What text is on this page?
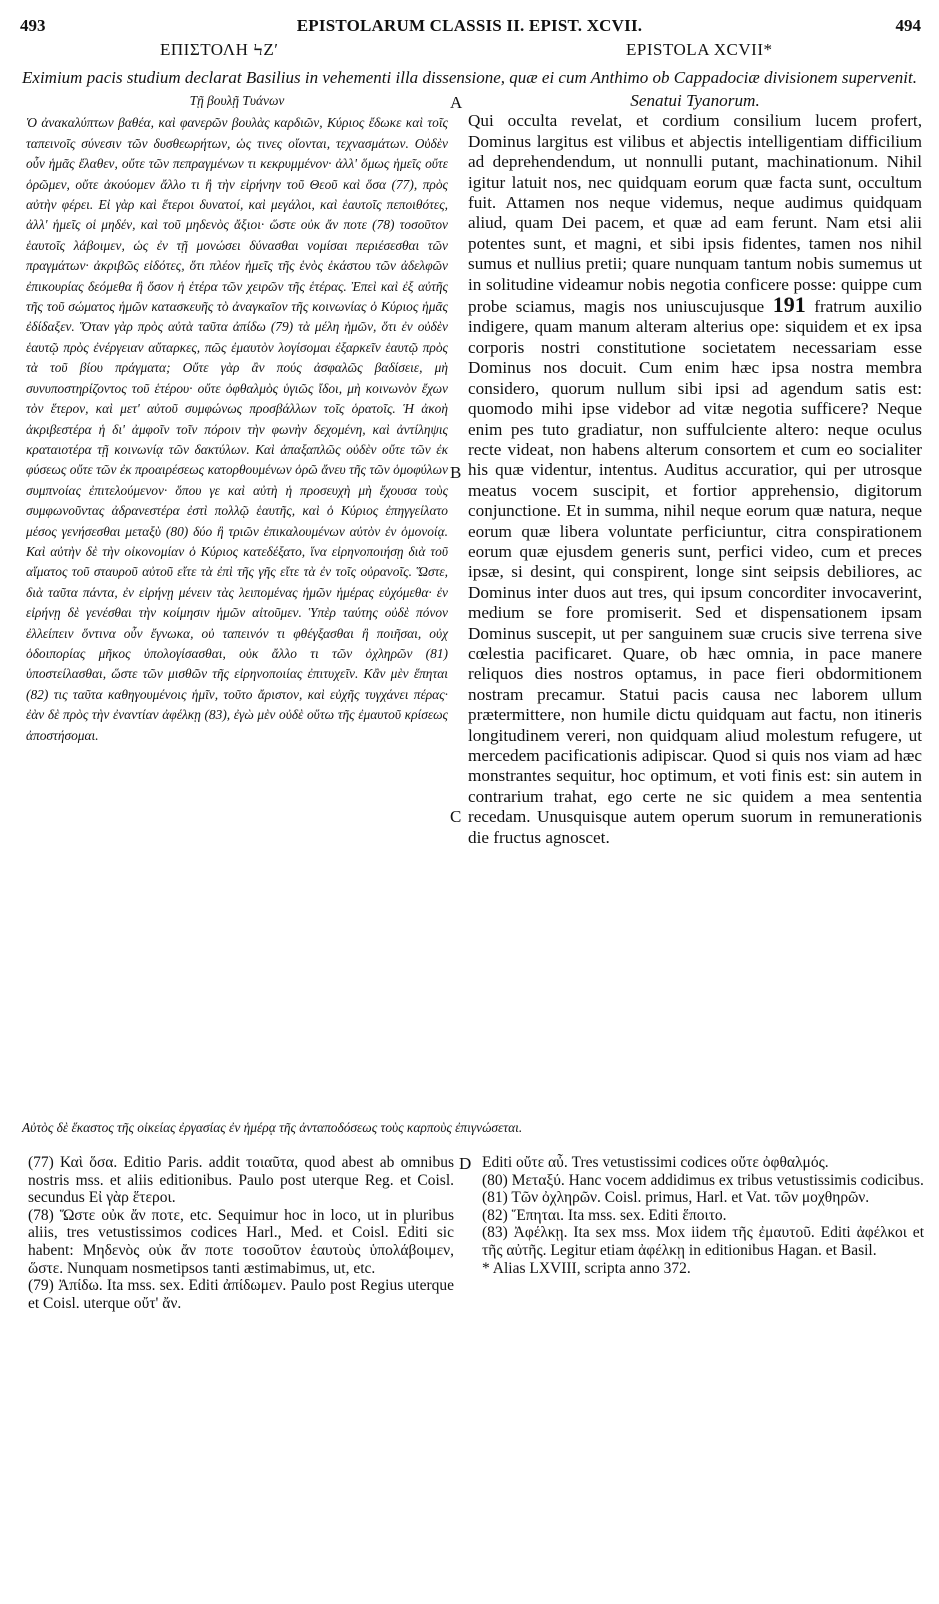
493	EPISTOLARUM CLASSIS II. EPIST. XCVII.	494
ΕΠΙΣΤΟΛΗ ϞΖʹ	EPISTOLA XCVII*
Eximium pacis studium declarat Basilius in vehementi illa dissensione, quæ ei cum Anthimo ob Cappadociæ divisionem supervenit.
Τῇ βουλῇ Τυάνων
Ὁ ἀνακαλύπτων βαθέα, καὶ φανερῶν βουλὰς καρδιῶν, Κύριος ἔδωκε καὶ τοῖς ταπεινοῖς σύνεσιν τῶν δυσθεωρήτων, ὡς τινες οἴονται, τεχνασμάτων. Οὐδὲν οὖν ἡμᾶς ἔλαθεν, οὔτε τῶν πεπραγμένων τι κεκρυμμένον· ἀλλ' ὅμως ἡμεῖς οὔτε ὁρῶμεν, οὔτε ἀκούομεν ἄλλο τι ἢ τὴν εἰρήνην τοῦ Θεοῦ καὶ ὅσα (77), πρὸς αὐτὴν φέρει. Εἰ γὰρ καὶ ἕτεροι δυνατοί, καὶ μεγάλοι, καὶ ἑαυτοῖς πεποιθότες, ἀλλ' ἡμεῖς οἱ μηδέν, καὶ τοῦ μηδενὸς ἄξιοι· ὥστε οὐκ ἄν ποτε (78) τοσοῦτον ἑαυτοῖς λάβοιμεν, ὡς ἐν τῇ μονώσει δύνασθαι νομίσαι περιέσεσθαι τῶν πραγμάτων· ἀκριβῶς εἰδότες, ὅτι πλέον ἡμεῖς τῆς ἑνὸς ἑκάστου τῶν ἀδελφῶν ἐπικουρίας δεόμεθα ἢ ὅσον ἡ ἑτέρα τῶν χειρῶν τῆς ἑτέρας. Ἐπεὶ καὶ ἐξ αὐτῆς τῆς τοῦ σώματος ἡμῶν κατασκευῆς τὸ ἀναγκαῖον τῆς κοινωνίας ὁ Κύριος ἡμᾶς ἐδίδαξεν. Ὅταν γὰρ πρὸς αὐτὰ ταῦτα ἀπίδω (79) τὰ μέλη ἡμῶν, ὅτι ἐν οὐδὲν ἑαυτῷ πρὸς ἐνέργειαν αὔταρκες, πῶς ἐμαυτὸν λογίσομαι ἐξαρκεῖν ἑαυτῷ πρὸς τὰ τοῦ βίου πράγματα; Οὔτε γὰρ ἂν πούς ἀσφαλῶς βαδίσειε, μὴ συνυποστηρίζοντος τοῦ ἑτέρου· οὔτε ὀφθαλμὸς ὑγιῶς ἴδοι, μὴ κοινωνὸν ἔχων τὸν ἕτερον, καὶ μετ' αὐτοῦ συμφώνως προσβάλλων τοῖς ὁρατοῖς. Ἡ ἀκοὴ ἀκριβεστέρα ἡ δι' ἀμφοῖν τοῖν πόροιν τὴν φωνὴν δεχομένη, καὶ ἀντίληψις κραταιοτέρα τῇ κοινωνίᾳ τῶν δακτύλων. Καὶ ἁπαξαπλῶς οὐδὲν οὔτε τῶν ἐκ φύσεως οὔτε τῶν ἐκ προαιρέσεως κατορθουμένων ὁρῶ ἄνευ τῆς τῶν ὁμοφύλων συμπνοίας ἐπιτελούμενον· ὅπου γε καὶ αὐτὴ ἡ προσευχὴ μὴ ἔχουσα τοὺς συμφωνοῦντας ἀδρανεστέρα ἐστὶ πολλῷ ἑαυτῆς, καὶ ὁ Κύριος ἐπηγγείλατο μέσος γενήσεσθαι μεταξὺ (80) δύο ἢ τριῶν ἐπικαλουμένων αὐτὸν ἐν ὁμονοίᾳ. Καὶ αὐτὴν δὲ τὴν οἰκονομίαν ὁ Κύριος κατεδέξατο, ἵνα εἰρηνοποιήσῃ διὰ τοῦ αἵματος τοῦ σταυροῦ αὐτοῦ εἴτε τὰ ἐπὶ τῆς γῆς εἴτε τὰ ἐν τοῖς οὐρανοῖς. Ὥστε, διὰ ταῦτα πάντα, ἐν εἰρήνῃ μένειν τὰς λειπομένας ἡμῶν ἡμέρας εὐχόμεθα· ἐν εἰρήνῃ δὲ γενέσθαι τὴν κοίμησιν ἡμῶν αἰτοῦμεν. Ὑπὲρ ταύτης οὐδὲ πόνον ἐλλείπειν ὅντινα οὖν ἔγνωκα, οὐ ταπεινόν τι φθέγξασθαι ἢ ποιῆσαι, οὐχ ὁδοιπορίας μῆκος ὑπολογίσασθαι, οὐκ ἄλλο τι τῶν ὀχληρῶν (81) ὑποστείλασθαι, ὥστε τῶν μισθῶν τῆς εἰρηνοποιίας ἐπιτυχεῖν. Κἂν μὲν ἕπηται (82) τις ταῦτα καθηγουμένοις ἡμῖν, τοῦτο ἄριστον, καὶ εὐχῆς τυγχάνει πέρας· ἐὰν δὲ πρὸς τὴν ἐναντίαν ἀφέλκῃ (83), ἐγὼ μὲν οὐδὲ οὕτω τῆς ἐμαυτοῦ κρίσεως ἀποστήσομαι.
A
B
C
Senatui Tyanorum.
Qui occulta revelat, et cordium consilium lucem profert, Dominus largitus est vilibus et abjectis intelligentiam difficilium ad deprehendendum, ut nonnulli putant, machinationum. Nihil igitur latuit nos, nec quidquam eorum quæ facta sunt, occultum fuit. Attamen nos neque videmus, neque audimus quidquam aliud, quam Dei pacem, et quæ ad eam ferunt. Nam etsi alii potentes sunt, et magni, et sibi ipsis fidentes, tamen nos nihil sumus et nullius pretii; quare nunquam tantum nobis sumemus ut in solitudine videamur nobis negotia conficere posse: quippe cum probe sciamus, magis nos uniuscujusque 191 fratrum auxilio indigere, quam manum alteram alterius ope: siquidem et ex ipsa corporis nostri constitutione societatem necessariam esse Dominus nos docuit. Cum enim hæc ipsa nostra membra considero, quorum nullum sibi ipsi ad agendum satis est: quomodo mihi ipse videbor ad vitæ negotia sufficere? Neque enim pes tuto gradiatur, non suffulciente altero: neque oculus recte videat, non habens alterum consortem et cum eo socialiter his quæ videntur, intentus. Auditus accuratior, qui per utrosque meatus vocem suscipit, et fortior apprehensio, digitorum conjunctione. Et in summa, nihil neque eorum quæ natura, neque eorum quæ libera voluntate perficiuntur, citra conspirationem eorum quæ ejusdem generis sunt, perfici video, cum et preces ipsæ, si desint, qui conspirent, longe sint seipsis debiliores, ac Dominus inter duos aut tres, qui ipsum concorditer invocaverint, medium se fore promiserit. Sed et dispensationem ipsam Dominus suscepit, ut per sanguinem suæ crucis sive terrena sive cœlestia pacificaret. Quare, ob hæc omnia, in pace manere reliquos dies nostros optamus, in pace fieri obdormitionem nostram precamur. Statui pacis causa nec laborem ullum prætermittere, non humile dictu quidquam aut factu, non itineris longitudinem vereri, non quidquam aliud molestum refugere, ut mercedem pacificationis adipiscar. Quod si quis nos viam ad hæc monstrantes sequitur, hoc optimum, et voti finis est: sin autem in contrarium trahat, ego certe ne sic quidem a mea sententia recedam. Unusquisque autem operum suorum in remunerationis die fructus agnoscet.
Αὐτὸς δὲ ἕκαστος τῆς οἰκείας ἐργασίας ἐν ἡμέρᾳ τῆς ἀνταποδόσεως τοὺς καρποὺς ἐπιγνώσεται.

(77) Καὶ ὅσα. Editio Paris. addit τοιαῦτα, quod abest ab omnibus nostris mss. et aliis editionibus. Paulo post uterque Reg. et Coisl. secundus Εἰ γὰρ ἕτεροι.

(78) Ὥστε οὐκ ἄν ποτε, etc. Sequimur hoc in loco, ut in pluribus aliis, tres vetustissimos codices Harl., Med. et Coisl. Editi sic habent: Μηδενὸς οὐκ ἄν ποτε τοσοῦτον ἑαυτοὺς ὑπολάβοιμεν, ὥστε. Nunquam nosmetipsos tanti æstimabimus, ut, etc.

(79) Ἀπίδω. Ita mss. sex. Editi ἀπίδωμεν. Paulo post Regius uterque et Coisl. uterque οὔτ' ἄν.

D Editi οὔτε αὖ. Tres vetustissimi codices οὔτε ὀφθαλμός.

(80) Μεταξύ. Hanc vocem addidimus ex tribus vetustissimis codicibus.

(81) Τῶν ὀχληρῶν. Coisl. primus, Harl. et Vat. τῶν μοχθηρῶν.

(82) Ἕπηται. Ita mss. sex. Editi ἕποιτο.

(83) Ἀφέλκῃ. Ita sex mss. Mox iidem τῆς ἐμαυτοῦ. Editi ἀφέλκοι et τῆς αὐτῆς. Legitur etiam ἀφέλκῃ in editionibus Hagan. et Basil.

* Alias LXVIII, scripta anno 372.
